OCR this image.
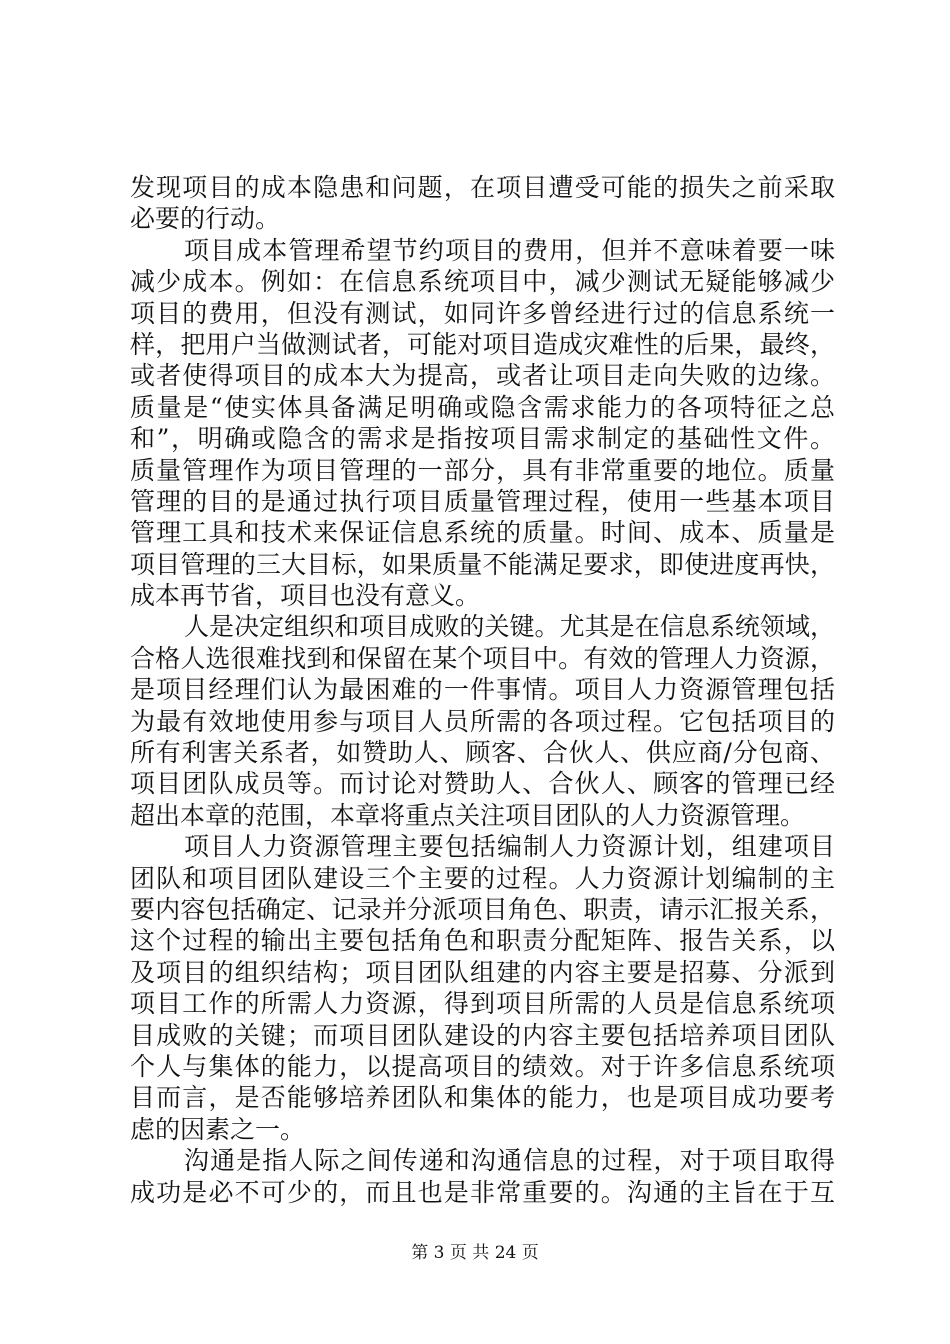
发现项目的成本隐患和问题，在项目遭受可能的损失之前采取
必要的行动。
项目成本管理希望节约项目的费用，但并不意味着要一味
减少成本。例如：在信息系统项目中，减少测试无疑能够减少
项目的费用，但没有测试，如同许多曾经进行过的信息系统一
样，把用户当做测试者，可能对项目造成灾难性的后果，最终，
或者使得项目的成本大为提高，或者让项目走向失败的边缘。
质量是“使实体具备满足明确或隐含需求能力的各项特征之总
和”，明确或隐含的需求是指按项目需求制定的基础性文件。
质量管理作为项目管理的一部分，具有非常重要的地位。质量
管理的目的是通过执行项目质量管理过程，使用一些基本项目
管理工具和技术来保证信息系统的质量。时间、成本、质量是
项目管理的三大目标，如果质量不能满足要求，即使进度再快，
成本再节省，项目也没有意义。
人是决定组织和项目成败的关键。尤其是在信息系统领域，
合格人选很难找到和保留在某个项目中。有效的管理人力资源，
是项目经理们认为最困难的一件事情。项目人力资源管理包括
为最有效地使用参与项目人员所需的各项过程。它包括项目的
所有利害关系者，如赞助人、顾客、合伙人、供应商/分包商、
项目团队成员等。而讨论对赞助人、合伙人、顾客的管理已经
超出本章的范围，本章将重点关注项目团队的人力资源管理。
项目人力资源管理主要包括编制人力资源计划，组建项目
团队和项目团队建设三个主要的过程。人力资源计划编制的主
要内容包括确定、记录并分派项目角色、职责，请示汇报关系，
这个过程的输出主要包括角色和职责分配矩阵、报告关系，以
及项目的组织结构；项目团队组建的内容主要是招募、分派到
项目工作的所需人力资源，得到项目所需的人员是信息系统项
目成败的关键；而项目团队建设的内容主要包括培养项目团队
个人与集体的能力，以提高项目的绩效。对于许多信息系统项
目而言，是否能够培养团队和集体的能力，也是项目成功要考
虑的因素之一。
沟通是指人际之间传递和沟通信息的过程，对于项目取得
成功是必不可少的，而且也是非常重要的。沟通的主旨在于互
第 3 页 共 24 页
